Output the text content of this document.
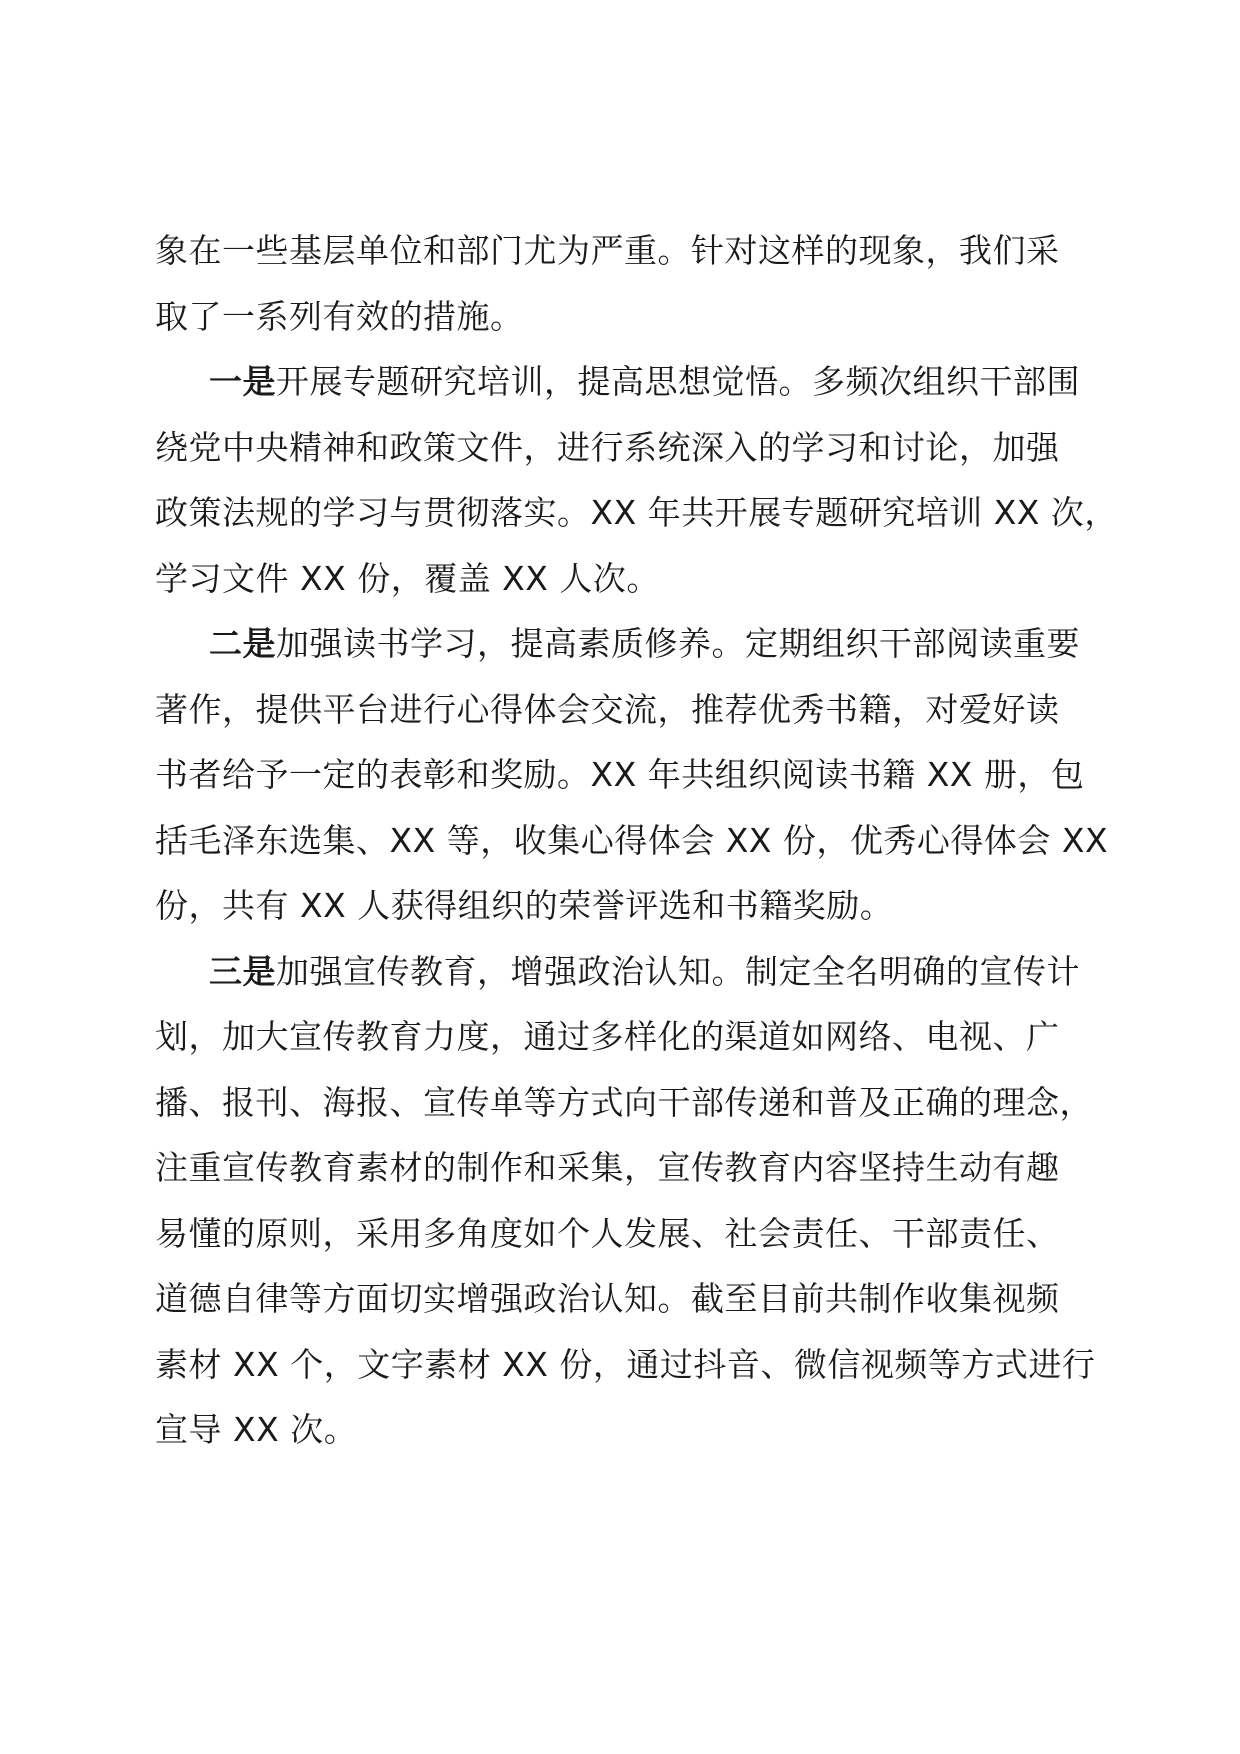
象在一些基层单位和部门尤为严重。针对这样的现象，我们采
取了一系列有效的措施。
一是开展专题研究培训，提高思想觉悟。多频次组织干部围
绕党中央精神和政策文件，进行系统深入的学习和讨论，加强
政策法规的学习与贯彻落实。XX 年共开展专题研究培训 XX 次，
学习文件 XX 份，覆盖 XX 人次。
二是加强读书学习，提高素质修养。定期组织干部阅读重要
著作，提供平台进行心得体会交流，推荐优秀书籍，对爱好读
书者给予一定的表彰和奖励。XX 年共组织阅读书籍 XX 册，包
括毛泽东选集、XX 等，收集心得体会 XX 份，优秀心得体会 XX
份，共有 XX 人获得组织的荣誉评选和书籍奖励。
三是加强宣传教育，增强政治认知。制定全名明确的宣传计
划，加大宣传教育力度，通过多样化的渠道如网络、电视、广
播、报刊、海报、宣传单等方式向干部传递和普及正确的理念，
注重宣传教育素材的制作和采集，宣传教育内容坚持生动有趣
易懂的原则，采用多角度如个人发展、社会责任、干部责任、
道德自律等方面切实增强政治认知。截至目前共制作收集视频
素材 XX 个，文字素材 XX 份，通过抖音、微信视频等方式进行
宣导 XX 次。
